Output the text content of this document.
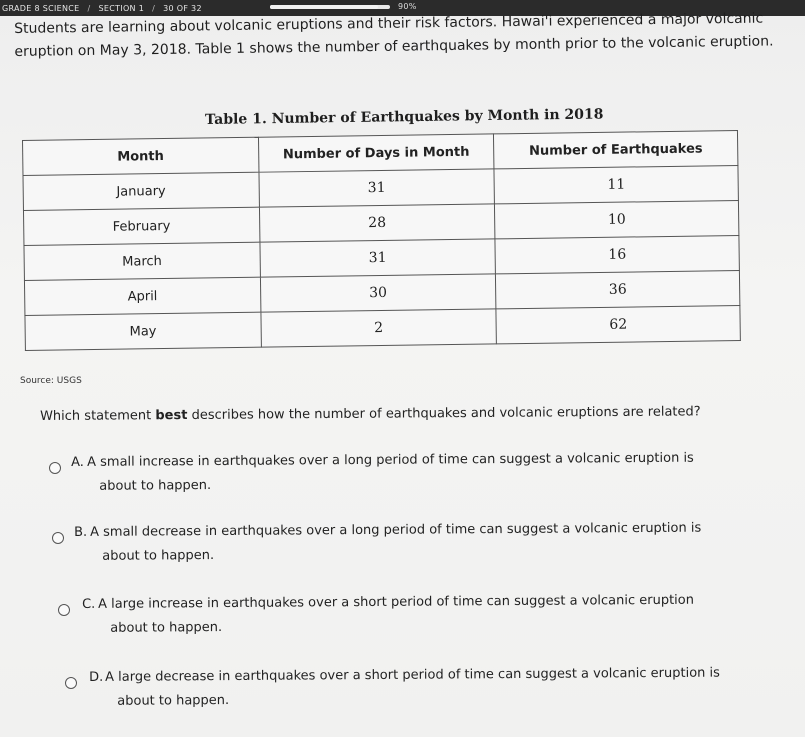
GRADE 8 SCIENCE / SECTION 1 / 30 OF 32	90%
Students are learning about volcanic eruptions and their risk factors. Hawai'i experienced a major volcanic eruption on May 3, 2018. Table 1 shows the number of earthquakes by month prior to the volcanic eruption.
Table 1. Number of Earthquakes by Month in 2018
Month	Number of Days in Month	Number of Earthquakes
January	31	11
February	28	10
March	31	16
April	30	36
May	2	62
Source: USGS
Which statement best describes how the number of earthquakes and volcanic eruptions are related?
A. A small increase in earthquakes over a long period of time can suggest a volcanic eruption is
about to happen.
B. A small decrease in earthquakes over a long period of time can suggest a volcanic eruption is
about to happen.
C. A large increase in earthquakes over a short period of time can suggest a volcanic eruption
about to happen.
D. A large decrease in earthquakes over a short period of time can suggest a volcanic eruption is
about to happen.
